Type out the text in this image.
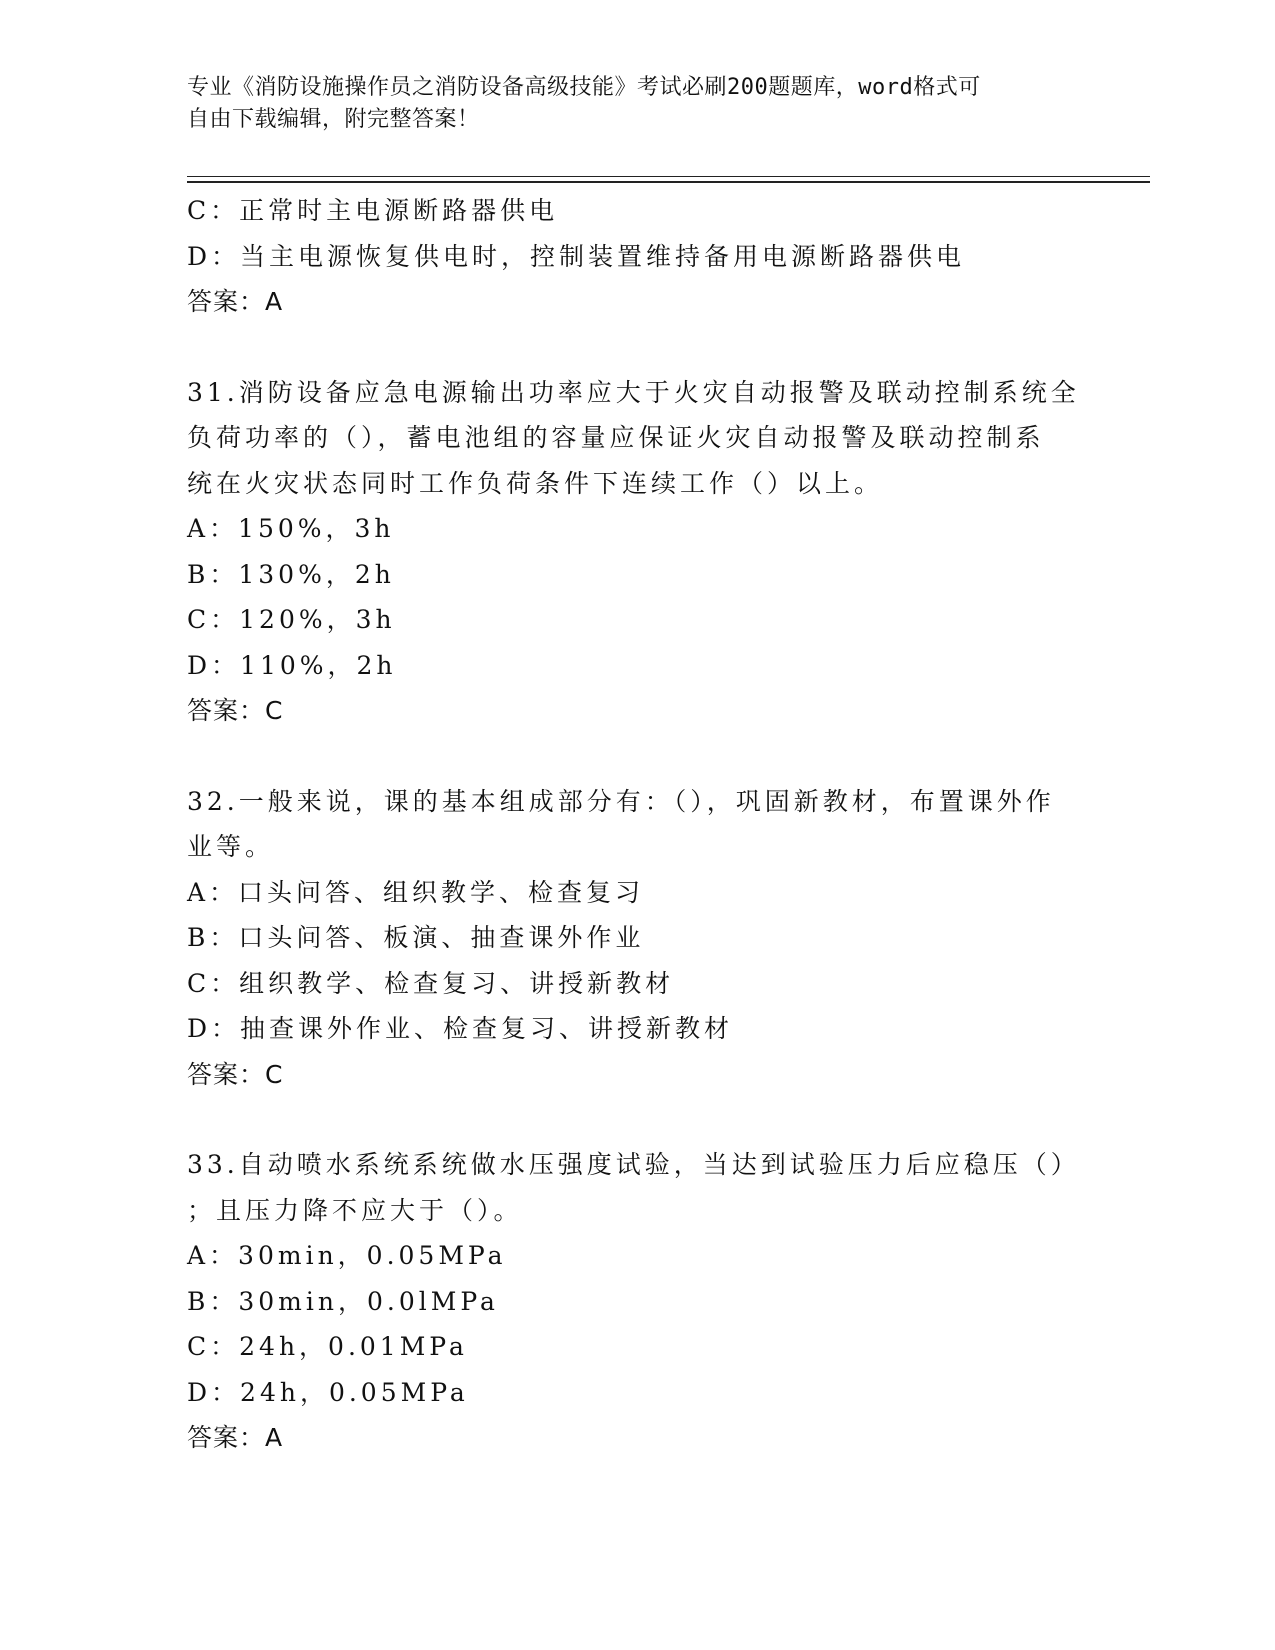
专业《消防设施操作员之消防设备高级技能》考试必刷200题题库，word格式可
自由下载编辑，附完整答案！
C：正常时主电源断路器供电
D：当主电源恢复供电时，控制装置维持备用电源断路器供电
答案：A
31.消防设备应急电源输出功率应大于火灾自动报警及联动控制系统全
负荷功率的（），蓄电池组的容量应保证火灾自动报警及联动控制系
统在火灾状态同时工作负荷条件下连续工作（）以上。
A：150%，3h
B：130%，2h
C：120%，3h
D：110%，2h
答案：C
32.一般来说，课的基本组成部分有：（），巩固新教材，布置课外作
业等。
A：口头问答、组织教学、检查复习
B：口头问答、板演、抽查课外作业
C：组织教学、检查复习、讲授新教材
D：抽查课外作业、检查复习、讲授新教材
答案：C
33.自动喷水系统系统做水压强度试验，当达到试验压力后应稳压（）
；且压力降不应大于（）。
A：30min，0.05MPa
B：30min，0.0lMPa
C：24h，0.01MPa
D：24h，0.05MPa
答案：A
